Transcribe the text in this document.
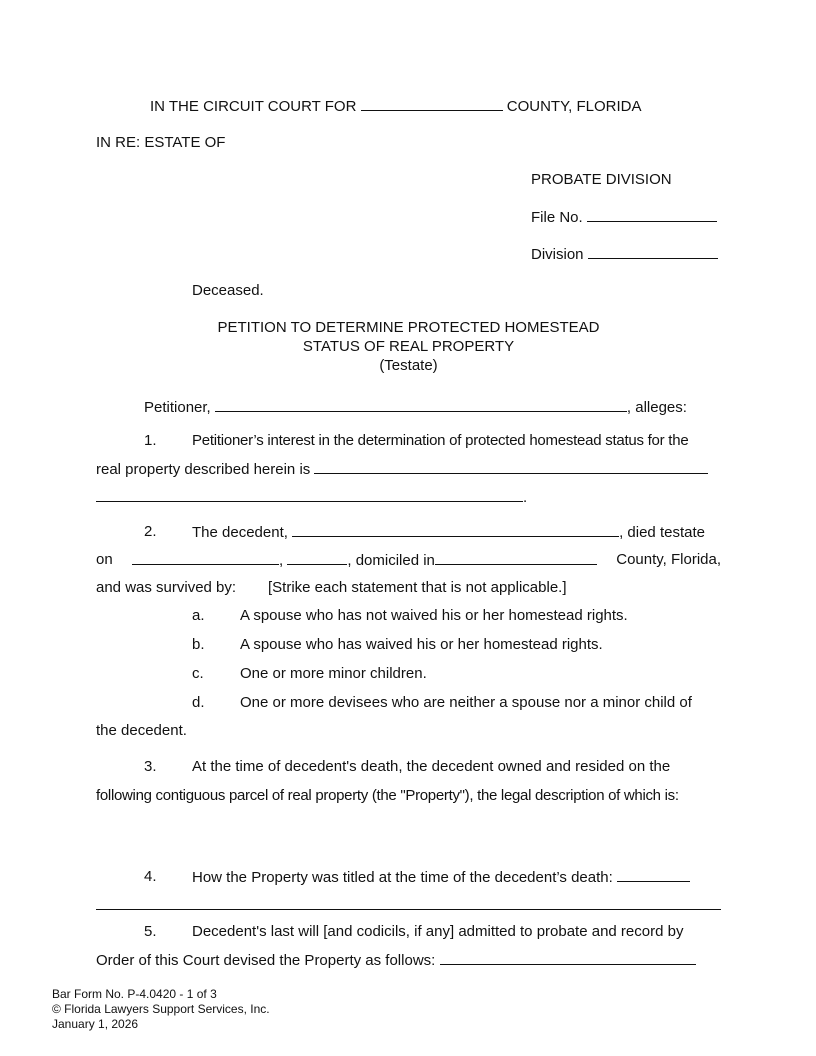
IN THE CIRCUIT COURT FOR	COUNTY, FLORIDA
IN RE: ESTATE OF
PROBATE DIVISION
File No.
Division
Deceased.
PETITION TO DETERMINE PROTECTED HOMESTEAD
STATUS OF REAL PROPERTY
(Testate)
Petitioner,	, alleges:
1. Petitioner’s interest in the determination of protected homestead status for the
real property described herein is
.
2. The decedent,	, died testate
on	,	, domiciled in	County, Florida,
and was survived by: [Strike each statement that is not applicable.]
a. A spouse who has not waived his or her homestead rights.
b. A spouse who has waived his or her homestead rights.
c. One or more minor children.
d. One or more devisees who are neither a spouse nor a minor child of
the decedent.
3. At the time of decedent's death, the decedent owned and resided on the
following contiguous parcel of real property (the "Property"), the legal description of which is:
4. How the Property was titled at the time of the decedent’s death:
5. Decedent's last will [and codicils, if any] admitted to probate and record by
Order of this Court devised the Property as follows:
Bar Form No. P-4.0420 - 1 of 3
© Florida Lawyers Support Services, Inc.
January 1, 2026
